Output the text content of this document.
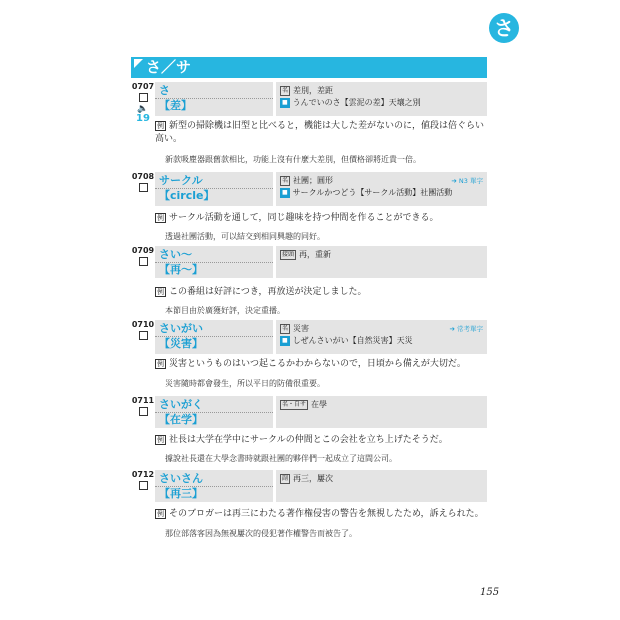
さ
さ／サ
0707
🔈
19
さ
【差】
名 差別，差距
■ うんでいのさ【雲泥の差】天壤之別
例 新型の掃除機は旧型と比べると，機能は大した差がないのに，値段は倍ぐらい高い。
新款吸塵器跟舊款相比，功能上沒有什麼大差別，但價格卻將近貴一倍。
0708 サークル
【circle】
名 社團；圓形	➔ N3 單字
■ サークルかつどう【サークル活動】社團活動
例 サークル活動を通して，同じ趣味を持つ仲間を作ることができる。
透過社團活動，可以結交到相同興趣的同好。
0709 さい～
【再～】
接頭 再，重新
例 この番組は好評につき，再放送が決定しました。
本節目由於廣獲好評，決定重播。
0710 さいがい
【災害】
名 災害	➔ 常考單字
■ しぜんさいがい【自然災害】天災
例 災害というものはいつ起こるかわからないので，日頃から備えが大切だ。
災害隨時都會發生，所以平日的防備很重要。
0711 さいがく
【在学】
名・自サ 在學
例 社長は大学在学中にサークルの仲間とこの会社を立ち上げたそうだ。
據說社長還在大學念書時就跟社團的夥伴們一起成立了這間公司。
0712 さいさん
【再三】
副 再三，屢次
例 そのブロガーは再三にわたる著作権侵害の警告を無視したため，訴えられた。
那位部落客因為無視屢次的侵犯著作權警告而被告了。
155
